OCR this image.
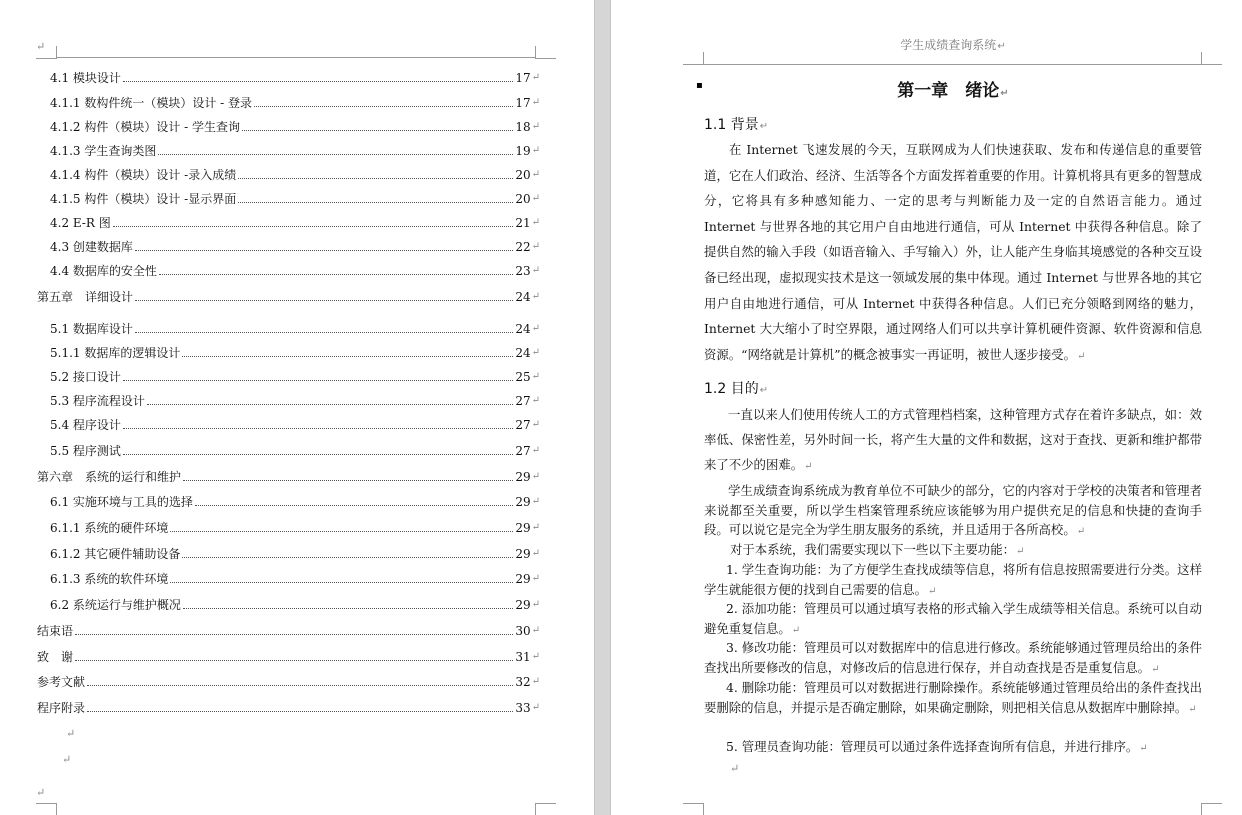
↵
4.1 模块设计	17 ↵
4.1.1 数构件统一（模块）设计 - 登录	17 ↵
4.1.2 构件（模块）设计 - 学生查询	18 ↵
4.1.3 学生查询类图	19 ↵
4.1.4 构件（模块）设计 -录入成绩	20 ↵
4.1.5 构件（模块）设计 -显示界面	20 ↵
4.2 E-R 图	21 ↵
4.3 创建数据库	22 ↵
4.4 数据库的安全性	23 ↵
第五章　详细设计	24 ↵
5.1 数据库设计	24 ↵
5.1.1 数据库的逻辑设计	24 ↵
5.2 接口设计	25 ↵
5.3 程序流程设计	27 ↵
5.4 程序设计	27 ↵
5.5 程序测试	27 ↵
第六章　系统的运行和维护	29 ↵
6.1 实施环境与工具的选择	29 ↵
6.1.1 系统的硬件环境	29 ↵
6.1.2 其它硬件辅助设备	29 ↵
6.1.3 系统的软件环境	29 ↵
6.2 系统运行与维护概况	29 ↵
结束语	30 ↵
致　谢	31 ↵
参考文献	32 ↵
程序附录	33 ↵
↵
↵
↵
学生成绩查询系统↵
▪	第一章　绪论↵
1.1 背景↵
在 Internet 飞速发展的今天，互联网成为人们快速获取、发布和传递信息的重要管道，它在人们政治、经济、生活等各个方面发挥着重要的作用。计算机将具有更多的智慧成分，它将具有多种感知能力、一定的思考与判断能力及一定的自然语言能力。通过 Internet 与世界各地的其它用户自由地进行通信，可从 Internet 中获得各种信息。除了提供自然的输入手段（如语音输入、手写输入）外，让人能产生身临其境感觉的各种交互设备已经出现，虚拟现实技术是这一领域发展的集中体现。通过 Internet 与世界各地的其它用户自由地进行通信，可从 Internet 中获得各种信息。人们已充分领略到网络的魅力，Internet 大大缩小了时空界限，通过网络人们可以共享计算机硬件资源、软件资源和信息资源。“网络就是计算机”的概念被事实一再证明，被世人逐步接受。↵
1.2 目的↵
一直以来人们使用传统人工的方式管理档档案，这种管理方式存在着许多缺点，如：效率低、保密性差，另外时间一长，将产生大量的文件和数据，这对于查找、更新和维护都带来了不少的困难。↵
学生成绩查询系统成为教育单位不可缺少的部分，它的内容对于学校的决策者和管理者来说都至关重要，所以学生档案管理系统应该能够为用户提供充足的信息和快捷的查询手段。可以说它是完全为学生朋友服务的系统，并且适用于各所高校。↵
对于本系统，我们需要实现以下一些以下主要功能：↵
1. 学生查询功能：为了方便学生查找成绩等信息，将所有信息按照需要进行分类。这样学生就能很方便的找到自己需要的信息。↵
2. 添加功能：管理员可以通过填写表格的形式输入学生成绩等相关信息。系统可以自动避免重复信息。↵
3. 修改功能：管理员可以对数据库中的信息进行修改。系统能够通过管理员给出的条件查找出所要修改的信息，对修改后的信息进行保存，并自动查找是否是重复信息。↵
4. 删除功能：管理员可以对数据进行删除操作。系统能够通过管理员给出的条件查找出要删除的信息，并提示是否确定删除，如果确定删除，则把相关信息从数据库中删除掉。↵
5. 管理员查询功能：管理员可以通过条件选择查询所有信息，并进行排序。↵
↵
